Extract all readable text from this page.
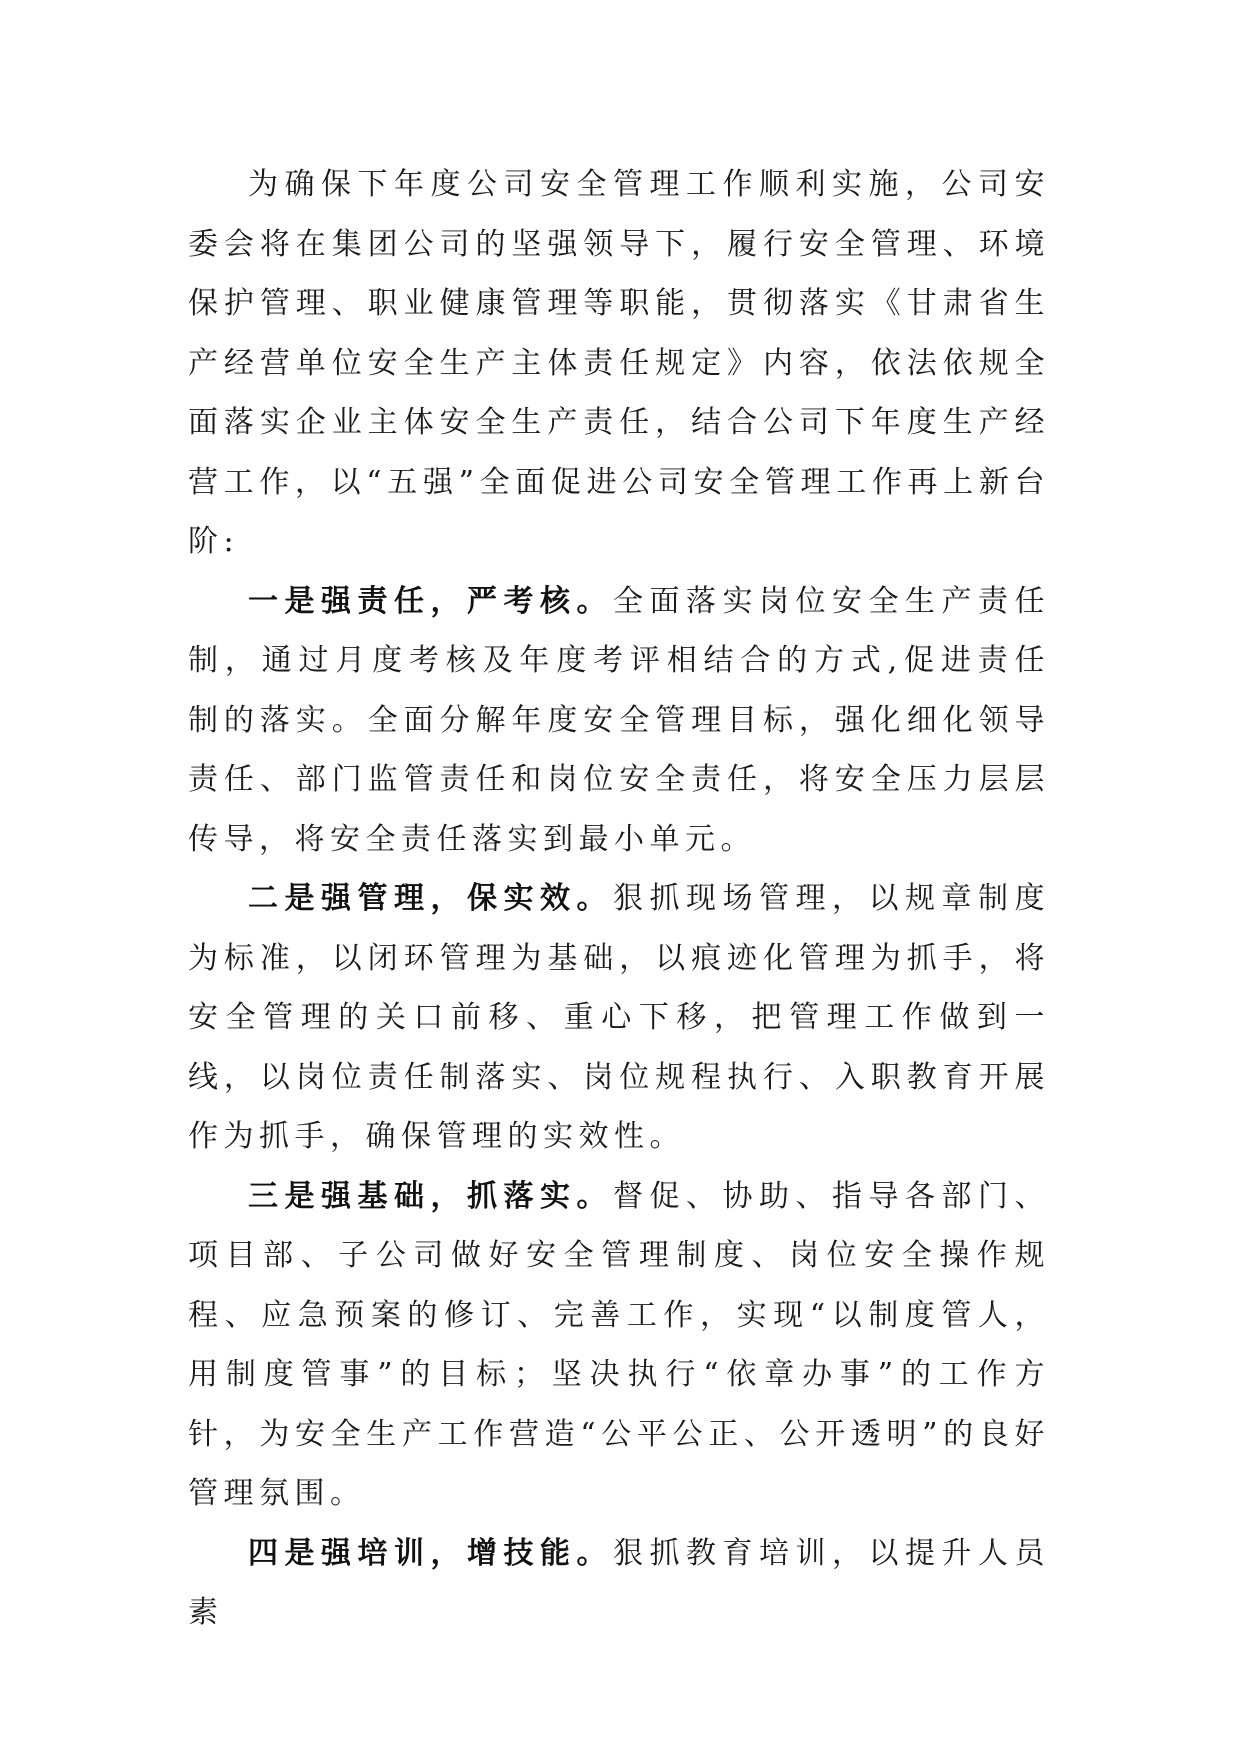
为确保下年度公司安全管理工作顺利实施，公司安委会将在集团公司的坚强领导下，履行安全管理、环境保护管理、职业健康管理等职能，贯彻落实《甘肃省生产经营单位安全生产主体责任规定》内容，依法依规全面落实企业主体安全生产责任，结合公司下年度生产经营工作，以“五强”全面促进公司安全管理工作再上新台阶:

一是强责任，严考核。全面落实岗位安全生产责任制，通过月度考核及年度考评相结合的方式,促进责任制的落实。全面分解年度安全管理目标，强化细化领导责任、部门监管责任和岗位安全责任，将安全压力层层传导，将安全责任落实到最小单元。

二是强管理，保实效。狠抓现场管理，以规章制度为标准，以闭环管理为基础，以痕迹化管理为抓手，将安全管理的关口前移、重心下移，把管理工作做到一线，以岗位责任制落实、岗位规程执行、入职教育开展作为抓手，确保管理的实效性。

三是强基础，抓落实。督促、协助、指导各部门、项目部、子公司做好安全管理制度、岗位安全操作规程、应急预案的修订、完善工作，实现“以制度管人，用制度管事”的目标；坚决执行“依章办事”的工作方针，为安全生产工作营造“公平公正、公开透明”的良好管理氛围。

四是强培训，增技能。狠抓教育培训，以提升人员素
